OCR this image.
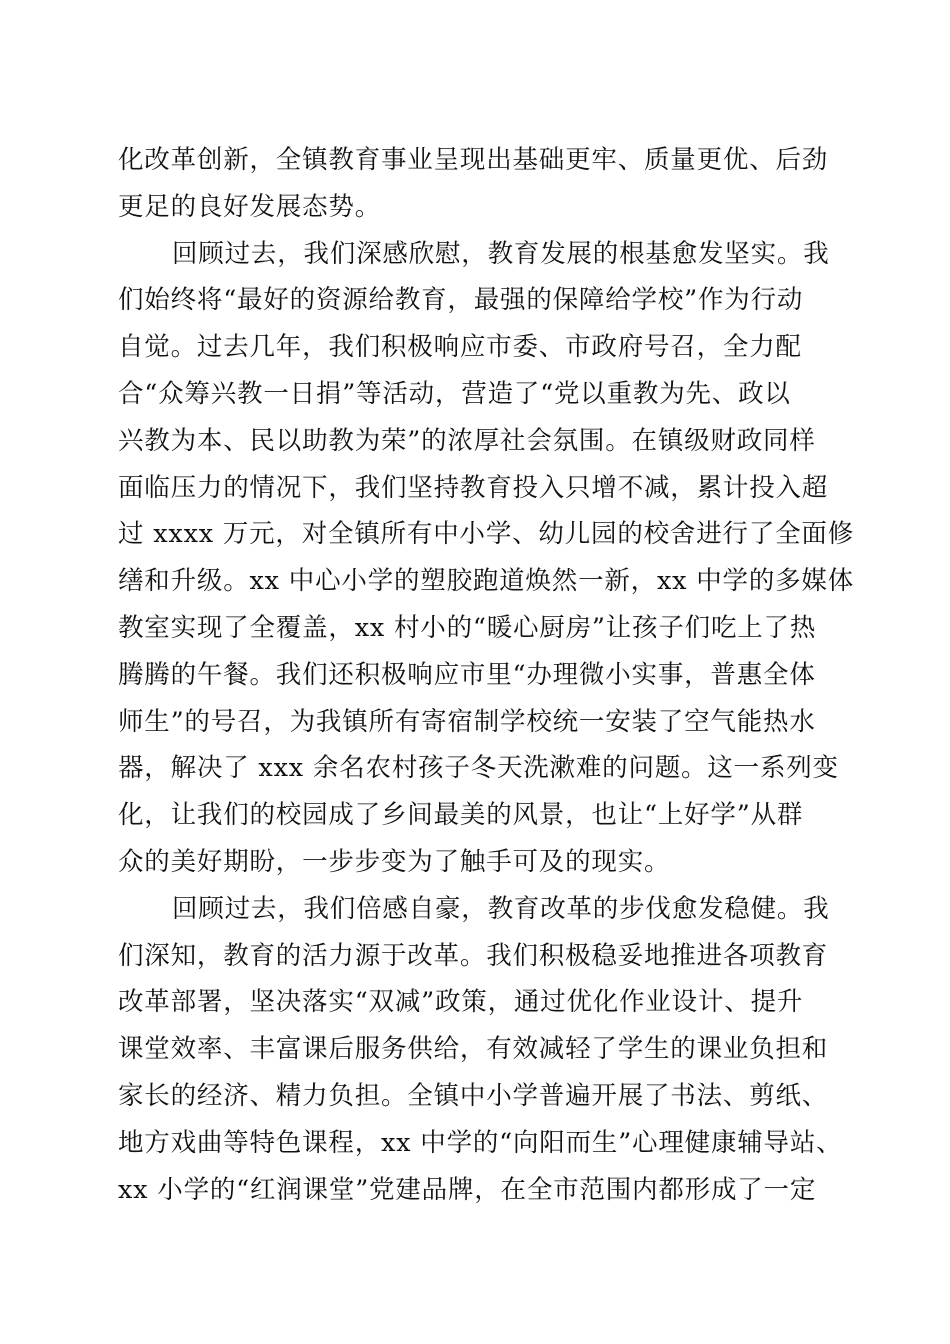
化改革创新，全镇教育事业呈现出基础更牢、质量更优、后劲
更足的良好发展态势。
回顾过去，我们深感欣慰，教育发展的根基愈发坚实。我
们始终将“最好的资源给教育，最强的保障给学校”作为行动
自觉。过去几年，我们积极响应市委、市政府号召，全力配
合“众筹兴教一日捐”等活动，营造了“党以重教为先、政以
兴教为本、民以助教为荣”的浓厚社会氛围。在镇级财政同样
面临压力的情况下，我们坚持教育投入只增不减，累计投入超
过 xxxx 万元，对全镇所有中小学、幼儿园的校舍进行了全面修
缮和升级。xx 中心小学的塑胶跑道焕然一新，xx 中学的多媒体
教室实现了全覆盖，xx 村小的“暖心厨房”让孩子们吃上了热
腾腾的午餐。我们还积极响应市里“办理微小实事，普惠全体
师生”的号召，为我镇所有寄宿制学校统一安装了空气能热水
器，解决了 xxx 余名农村孩子冬天洗漱难的问题。这一系列变
化，让我们的校园成了乡间最美的风景，也让“上好学”从群
众的美好期盼，一步步变为了触手可及的现实。
回顾过去，我们倍感自豪，教育改革的步伐愈发稳健。我
们深知，教育的活力源于改革。我们积极稳妥地推进各项教育
改革部署，坚决落实“双减”政策，通过优化作业设计、提升
课堂效率、丰富课后服务供给，有效减轻了学生的课业负担和
家长的经济、精力负担。全镇中小学普遍开展了书法、剪纸、
地方戏曲等特色课程，xx 中学的“向阳而生”心理健康辅导站、
xx 小学的“红润课堂”党建品牌，在全市范围内都形成了一定
